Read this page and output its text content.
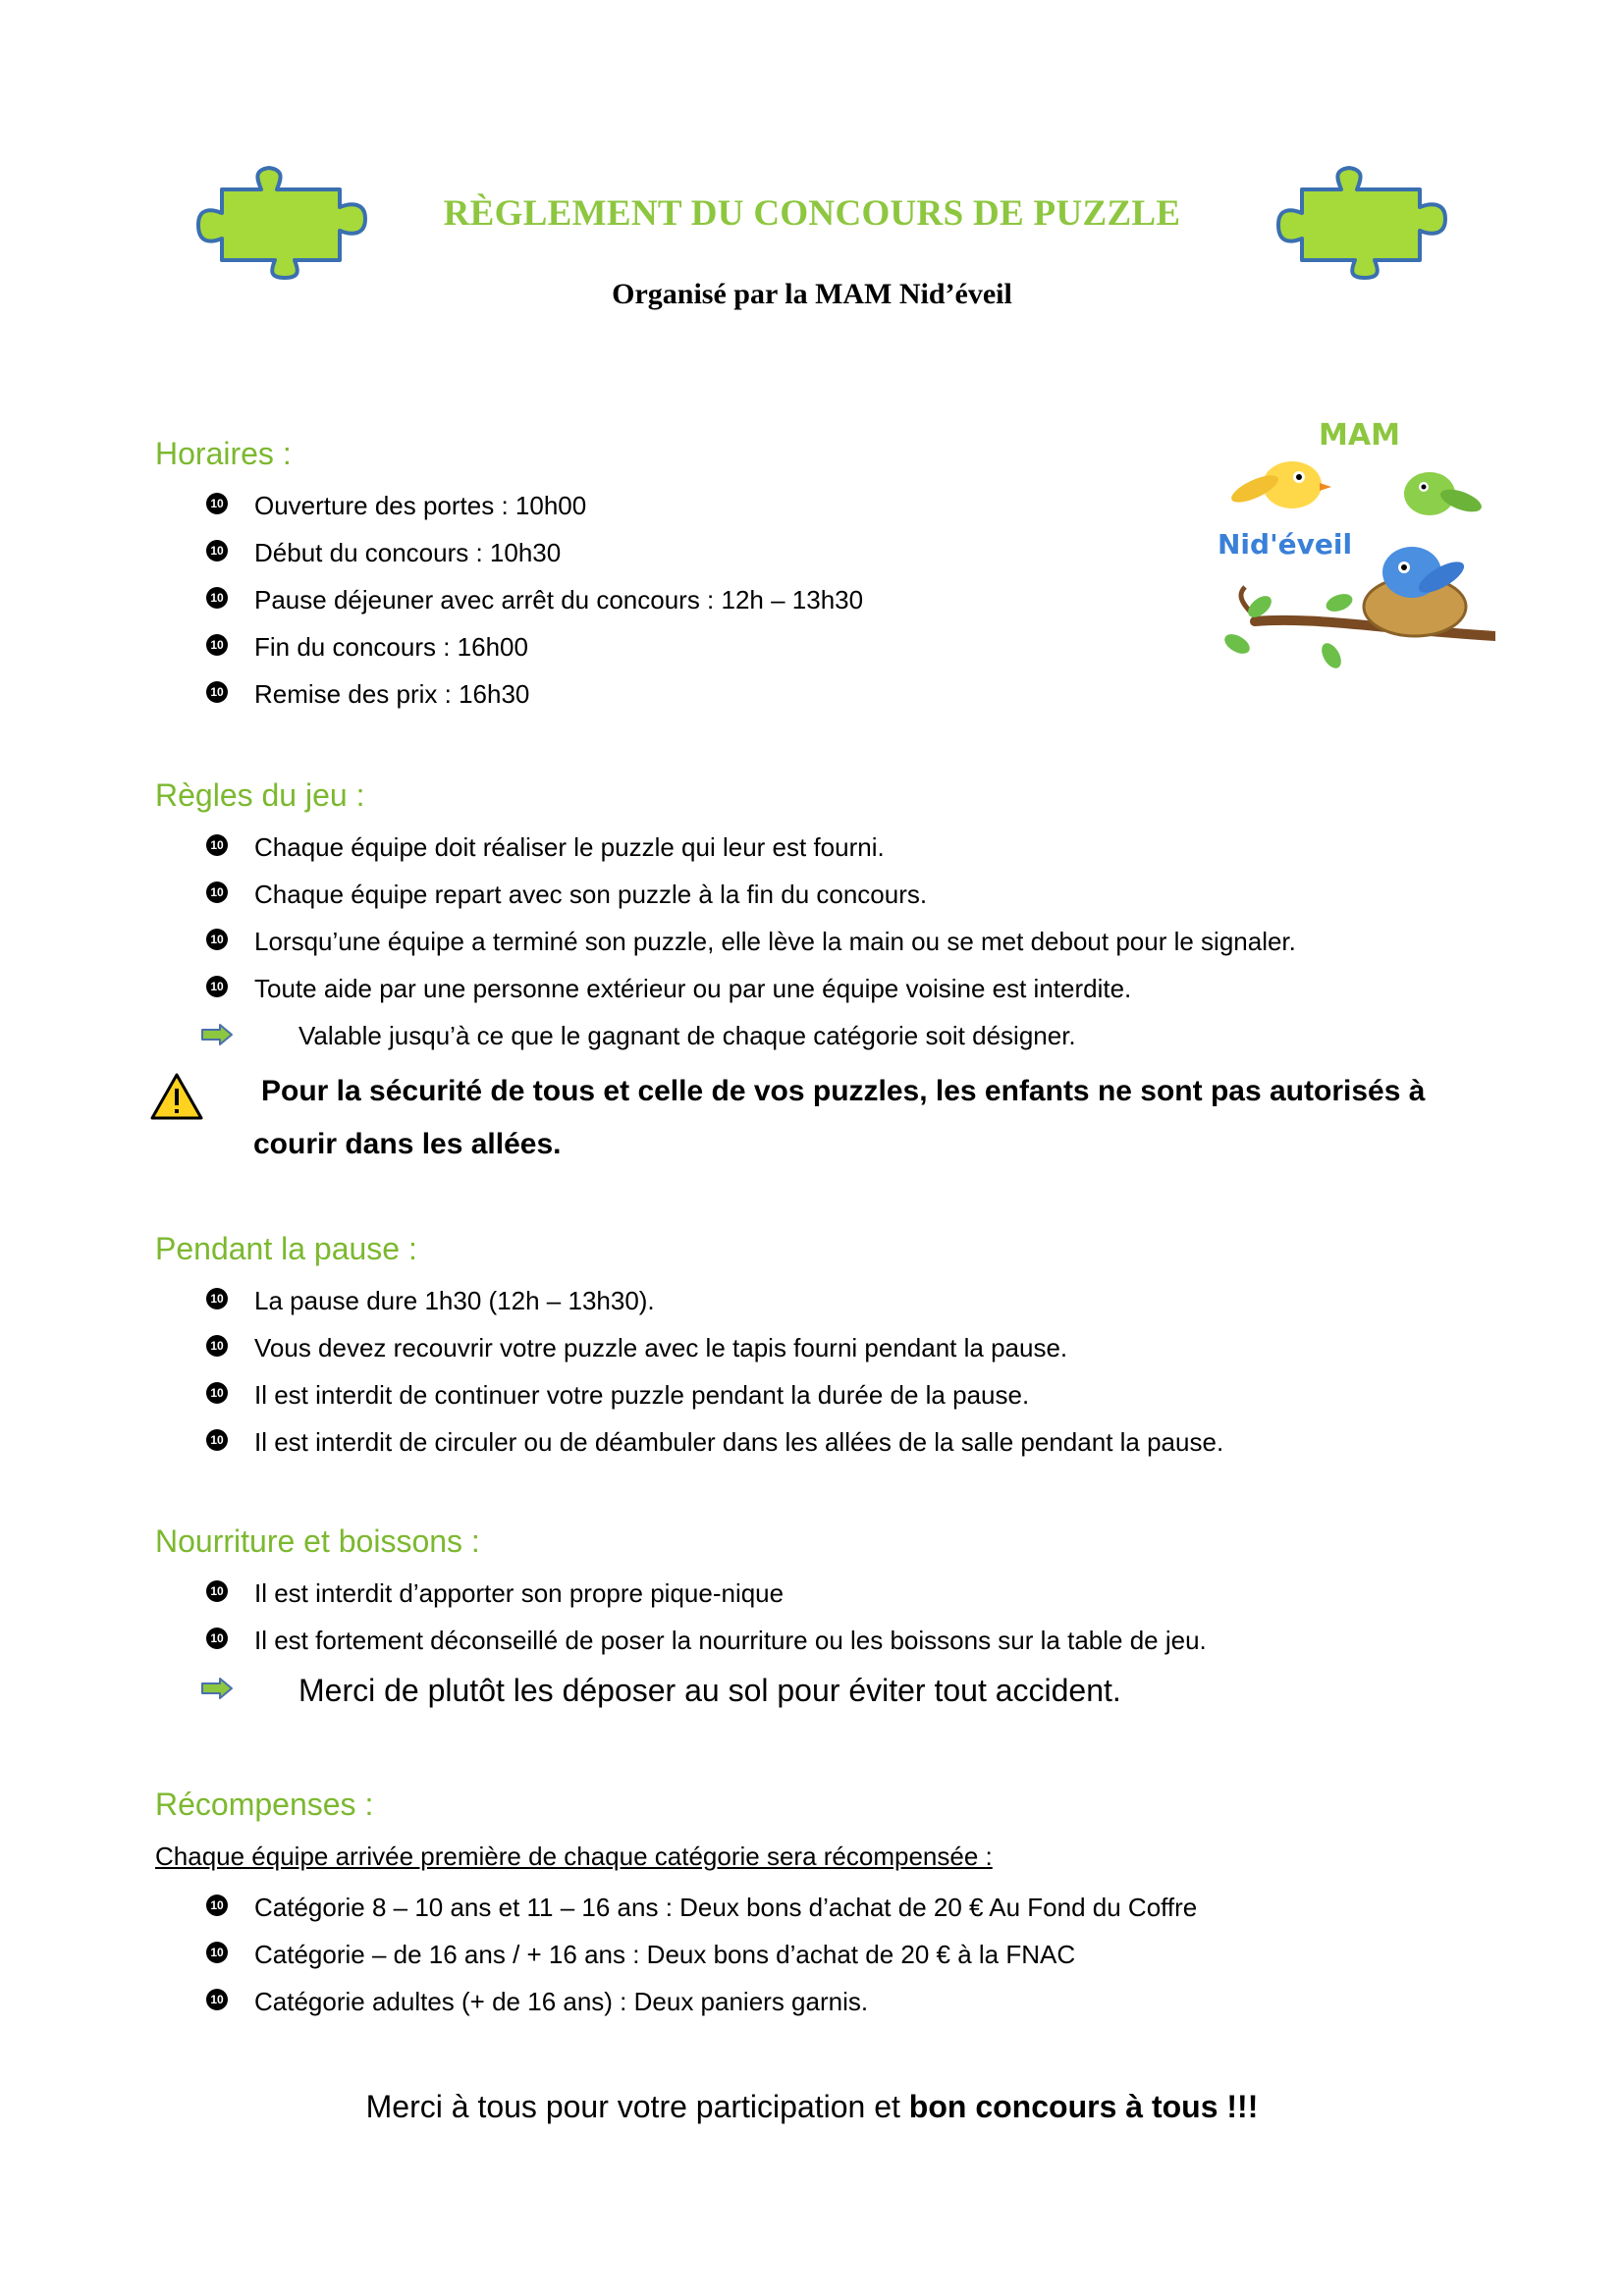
RÈGLEMENT DU CONCOURS DE PUZZLE
Organisé par la MAM Nid’éveil
MAM
Nid'éveil
Horaires :
10 Ouverture des portes : 10h00
10 Début du concours : 10h30
10 Pause déjeuner avec arrêt du concours : 12h – 13h30
10 Fin du concours : 16h00
10 Remise des prix : 16h30
Règles du jeu :
10 Chaque équipe doit réaliser le puzzle qui leur est fourni.
10 Chaque équipe repart avec son puzzle à la fin du concours.
10 Lorsqu’une équipe a terminé son puzzle, elle lève la main ou se met debout pour le signaler.
10 Toute aide par une personne extérieur ou par une équipe voisine est interdite.
Valable jusqu’à ce que le gagnant de chaque catégorie soit désigner.
Pour la sécurité de tous et celle de vos puzzles, les enfants ne sont pas autorisés à
courir dans les allées.
Pendant la pause :
10 La pause dure 1h30 (12h – 13h30).
10 Vous devez recouvrir votre puzzle avec le tapis fourni pendant la pause.
10 Il est interdit de continuer votre puzzle pendant la durée de la pause.
10 Il est interdit de circuler ou de déambuler dans les allées de la salle pendant la pause.
Nourriture et boissons :
10 Il est interdit d’apporter son propre pique-nique
10 Il est fortement déconseillé de poser la nourriture ou les boissons sur la table de jeu.
Merci de plutôt les déposer au sol pour éviter tout accident.
Récompenses :
Chaque équipe arrivée première de chaque catégorie sera récompensée :
10 Catégorie 8 – 10 ans et 11 – 16 ans : Deux bons d’achat de 20 € Au Fond du Coffre
10 Catégorie – de 16 ans / + 16 ans : Deux bons d’achat de 20 € à la FNAC
10 Catégorie adultes (+ de 16 ans) : Deux paniers garnis.
Merci à tous pour votre participation et bon concours à tous !!!
